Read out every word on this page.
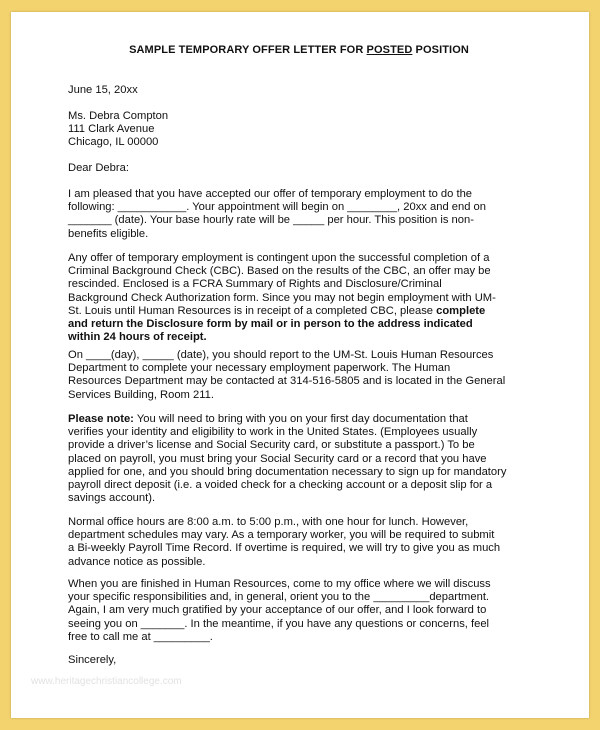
SAMPLE TEMPORARY OFFER LETTER FOR POSTED POSITION
June 15, 20xx
Ms. Debra Compton
111 Clark Avenue
Chicago, IL 00000
Dear Debra:
I am pleased that you have accepted our offer of temporary employment to do the
following: ___________. Your appointment will begin on ________, 20xx and end on
_______ (date). Your base hourly rate will be _____ per hour. This position is non-
benefits eligible.
Any offer of temporary employment is contingent upon the successful completion of a
Criminal Background Check (CBC). Based on the results of the CBC, an offer may be
rescinded. Enclosed is a FCRA Summary of Rights and Disclosure/Criminal
Background Check Authorization form. Since you may not begin employment with UM-
St. Louis until Human Resources is in receipt of a completed CBC, please complete
and return the Disclosure form by mail or in person to the address indicated
within 24 hours of receipt.
On ____(day), _____ (date), you should report to the UM-St. Louis Human Resources
Department to complete your necessary employment paperwork. The Human
Resources Department may be contacted at 314-516-5805 and is located in the General
Services Building, Room 211.
Please note: You will need to bring with you on your first day documentation that
verifies your identity and eligibility to work in the United States. (Employees usually
provide a driver’s license and Social Security card, or substitute a passport.) To be
placed on payroll, you must bring your Social Security card or a record that you have
applied for one, and you should bring documentation necessary to sign up for mandatory
payroll direct deposit (i.e. a voided check for a checking account or a deposit slip for a
savings account).
Normal office hours are 8:00 a.m. to 5:00 p.m., with one hour for lunch. However,
department schedules may vary. As a temporary worker, you will be required to submit
a Bi-weekly Payroll Time Record. If overtime is required, we will try to give you as much
advance notice as possible.
When you are finished in Human Resources, come to my office where we will discuss
your specific responsibilities and, in general, orient you to the _________department.
Again, I am very much gratified by your acceptance of our offer, and I look forward to
seeing you on _______. In the meantime, if you have any questions or concerns, feel
free to call me at _________.
Sincerely,
www.heritagechristiancollege.com
